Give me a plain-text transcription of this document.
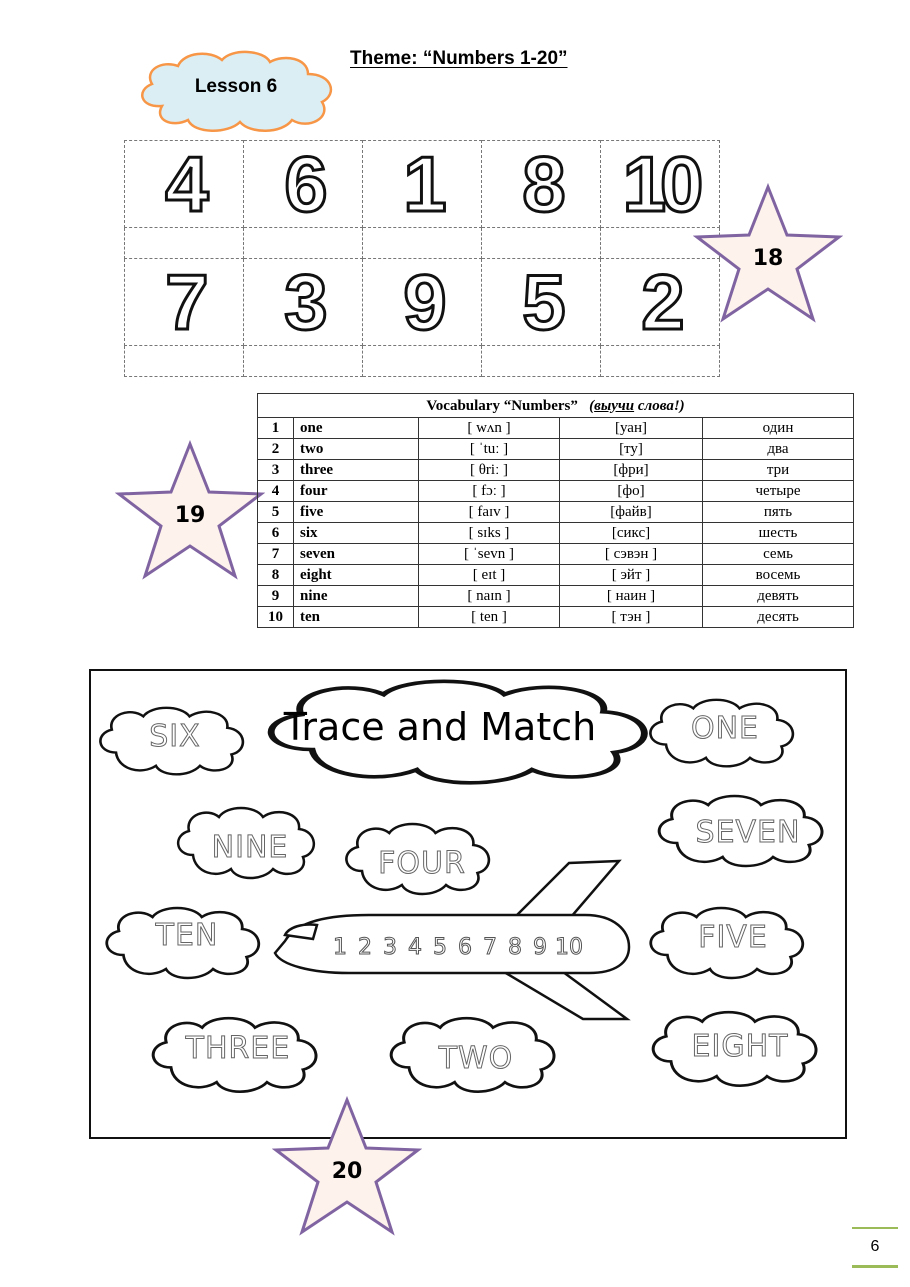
Lesson 6
Theme: “Numbers 1-20”
4	6	1	8	10

7	3	9	5	2

					18
19
Vocabulary “Numbers” (выучи слова!)				
1	one	[ wʌn ]	[уан]	один
2	two	[ ˈtuː ]	[ту]	два
3	three	[ θriː ]	[фри]	три
4	four	[ fɔː ]	[фо]	четыре
5	five	[ faɪv ]	[файв]	пять
6	six	[ sɪks ]	[сикс]	шесть
7	seven	[ ˈsevn ]	[ сэвэн ]	семь
8	eight	[ eɪt ]	[ эйт ]	восемь
9	nine	[ naɪn ]	[ наин ]	девять
10	ten	[ ten ]	[ тэн ]	десять
Trace and Match
SIX	ONE
NINE	FOUR
SEVEN
TEN	FIVE
THREE	TWO	EIGHT
1 2 3 4 5 6 7 8 9 10
20
6
